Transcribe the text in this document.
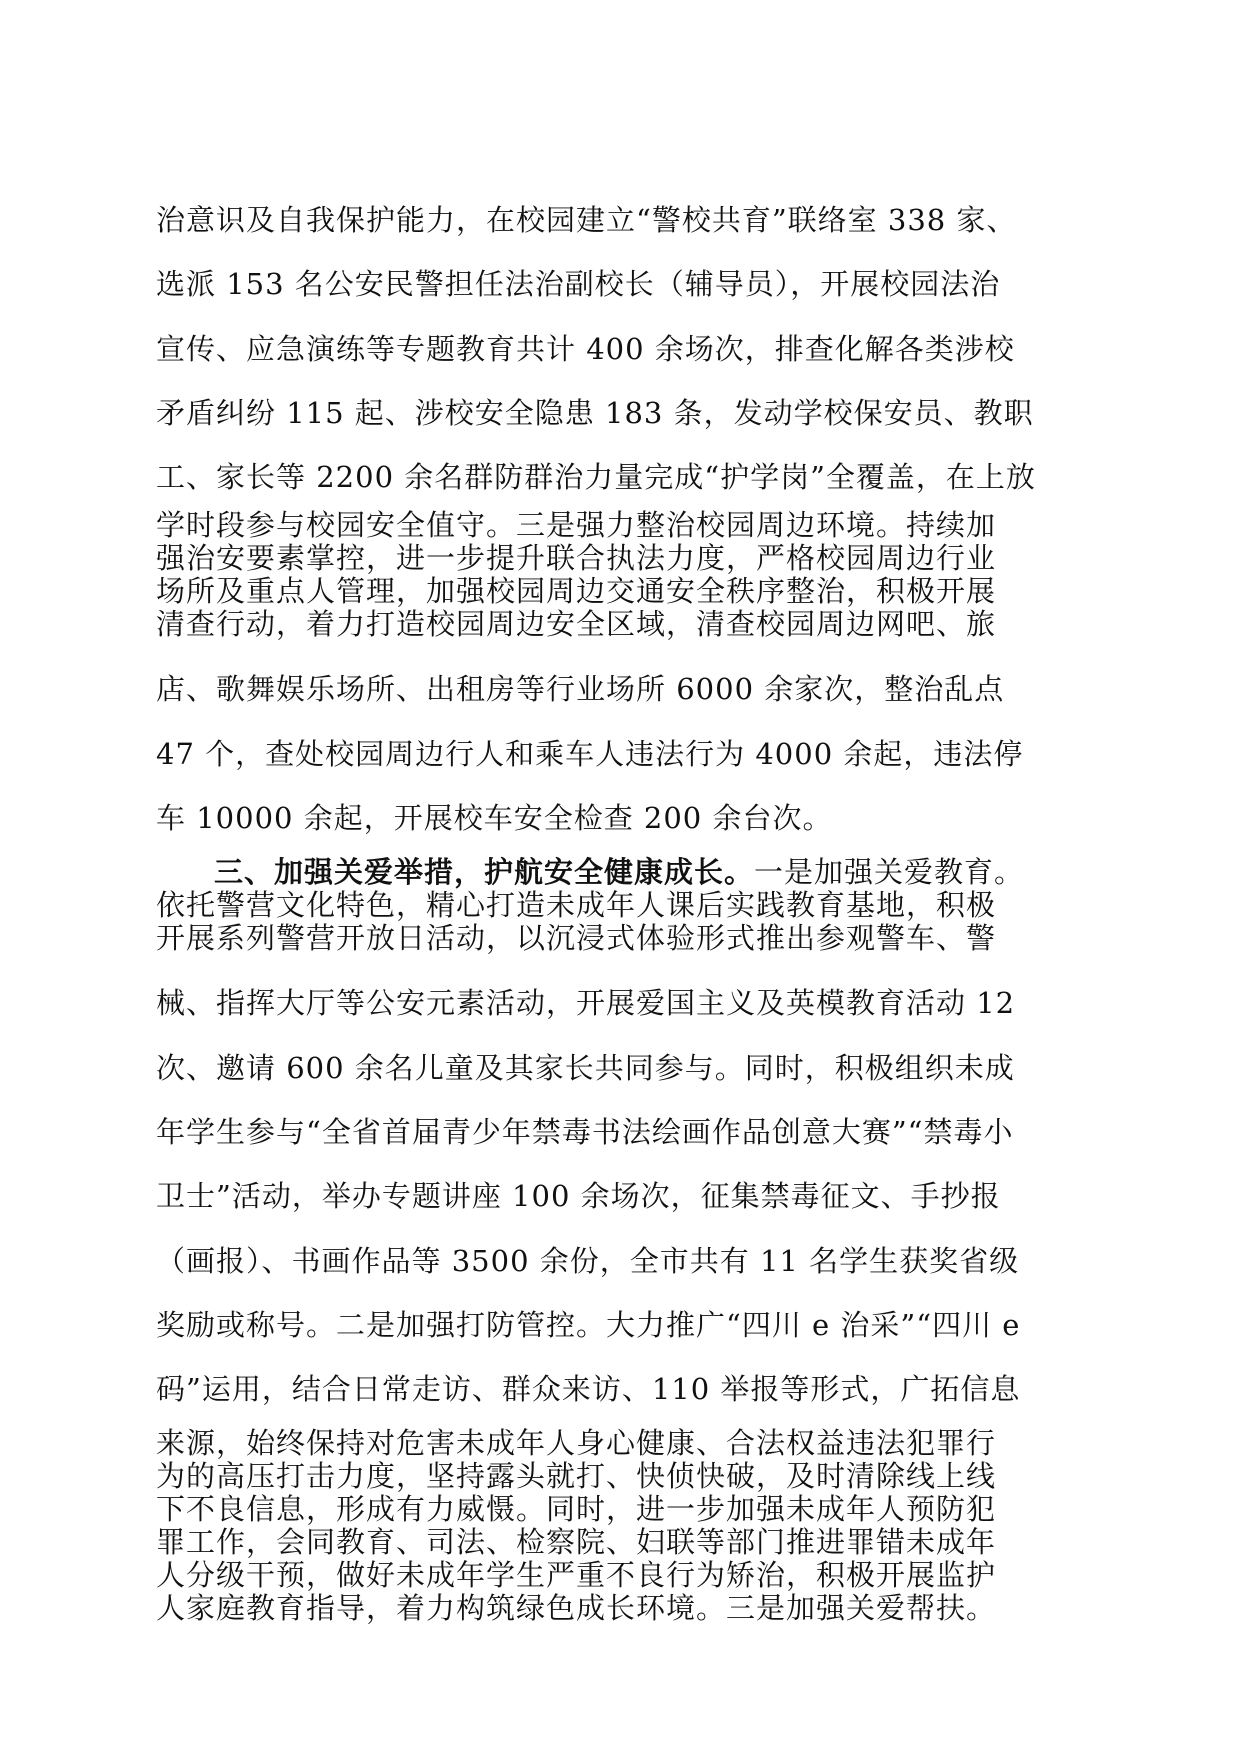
治意识及自我保护能力，在校园建立“警校共育”联络室 338 家、
选派 153 名公安民警担任法治副校长（辅导员），开展校园法治
宣传、应急演练等专题教育共计 400 余场次，排查化解各类涉校
矛盾纠纷 115 起、涉校安全隐患 183 条，发动学校保安员、教职
工、家长等 2200 余名群防群治力量完成“护学岗”全覆盖，在上放
学时段参与校园安全值守。三是强力整治校园周边环境。持续加
强治安要素掌控，进一步提升联合执法力度，严格校园周边行业
场所及重点人管理，加强校园周边交通安全秩序整治，积极开展
清查行动，着力打造校园周边安全区域，清查校园周边网吧、旅
店、歌舞娱乐场所、出租房等行业场所 6000 余家次，整治乱点
47 个，查处校园周边行人和乘车人违法行为 4000 余起，违法停
车 10000 余起，开展校车安全检查 200 余台次。
三、加强关爱举措，护航安全健康成长。一是加强关爱教育。
依托警营文化特色，精心打造未成年人课后实践教育基地，积极
开展系列警营开放日活动，以沉浸式体验形式推出参观警车、警
械、指挥大厅等公安元素活动，开展爱国主义及英模教育活动 12
次、邀请 600 余名儿童及其家长共同参与。同时，积极组织未成
年学生参与“全省首届青少年禁毒书法绘画作品创意大赛”“禁毒小
卫士”活动，举办专题讲座 100 余场次，征集禁毒征文、手抄报
（画报）、书画作品等 3500 余份，全市共有 11 名学生获奖省级
奖励或称号。二是加强打防管控。大力推广“四川 e 治采”“四川 e
码”运用，结合日常走访、群众来访、110 举报等形式，广拓信息
来源，始终保持对危害未成年人身心健康、合法权益违法犯罪行
为的高压打击力度，坚持露头就打、快侦快破，及时清除线上线
下不良信息，形成有力威慑。同时，进一步加强未成年人预防犯
罪工作，会同教育、司法、检察院、妇联等部门推进罪错未成年
人分级干预，做好未成年学生严重不良行为矫治，积极开展监护
人家庭教育指导，着力构筑绿色成长环境。三是加强关爱帮扶。
